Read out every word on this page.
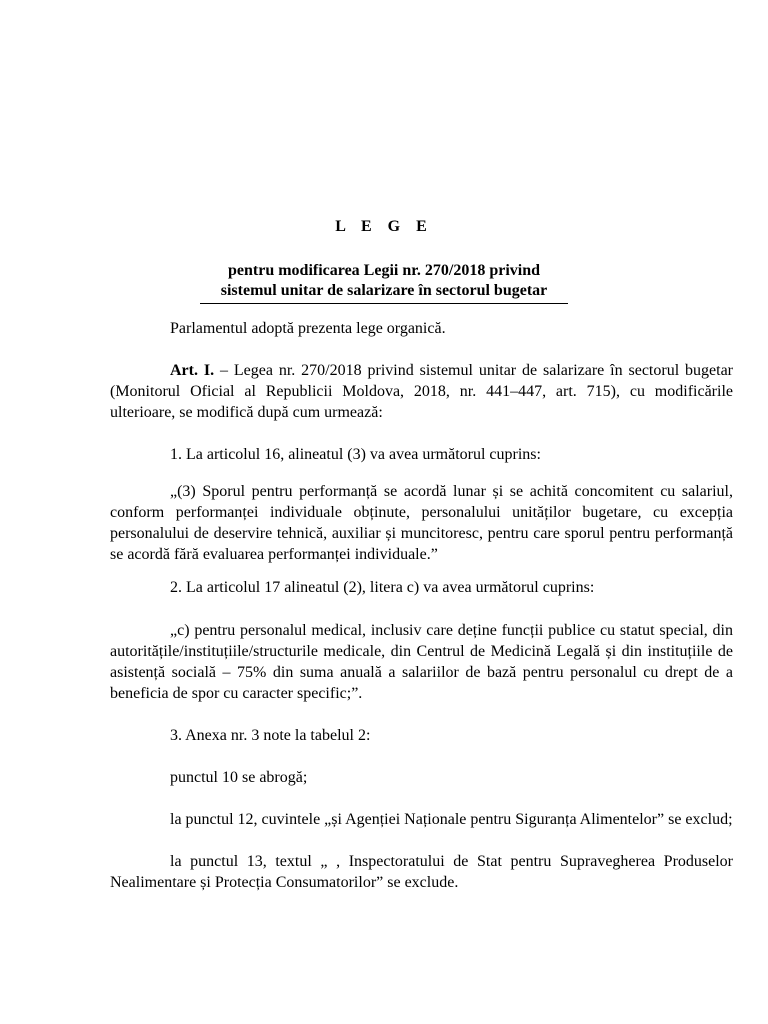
L E G E
pentru modificarea Legii nr. 270/2018 privind
sistemul unitar de salarizare în sectorul bugetar

Parlamentul adoptă prezenta lege organică.

Art. I. – Legea nr. 270/2018 privind sistemul unitar de salarizare în sectorul bugetar (Monitorul Oficial al Republicii Moldova, 2018, nr. 441–447, art. 715), cu modificările ulterioare, se modifică după cum urmează:

1. La articolul 16, alineatul (3) va avea următorul cuprins:

„(3) Sporul pentru performanță se acordă lunar și se achită concomitent cu salariul, conform performanței individuale obținute, personalului unităților bugetare, cu excepția personalului de deservire tehnică, auxiliar și muncitoresc, pentru care sporul pentru performanță se acordă fără evaluarea performanței individuale.”

2. La articolul 17 alineatul (2), litera c) va avea următorul cuprins:

„c) pentru personalul medical, inclusiv care deține funcții publice cu statut special, din autoritățile/instituțiile/structurile medicale, din Centrul de Medicină Legală și din instituțiile de asistență socială – 75% din suma anuală a salariilor de bază pentru personalul cu drept de a beneficia de spor cu caracter specific;”.

3. Anexa nr. 3 note la tabelul 2:

punctul 10 se abrogă;

la punctul 12, cuvintele „și Agenției Naționale pentru Siguranța Alimentelor” se exclud;

la punctul 13, textul „ , Inspectoratului de Stat pentru Supravegherea Produselor Nealimentare și Protecția Consumatorilor” se exclude.
